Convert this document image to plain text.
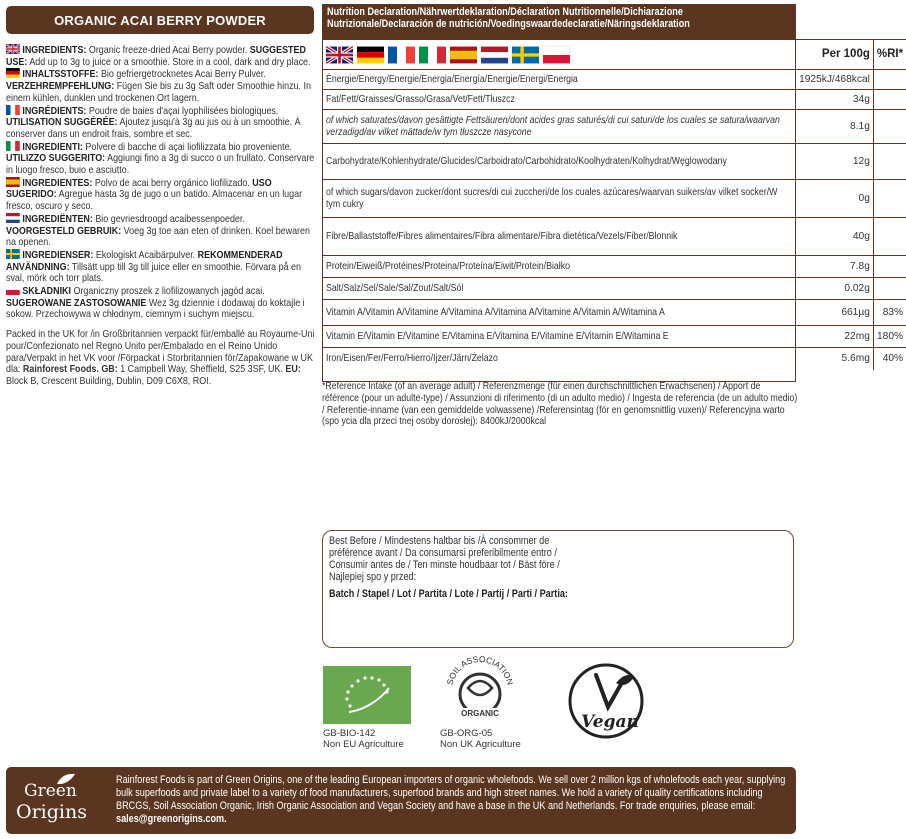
ORGANIC ACAI BERRY POWDER
INGREDIENTS: Organic freeze-dried Acai Berry powder. SUGGESTED USE: Add up to 3g to juice or a smoothie. Store in a cool, dark and dry place.
INHALTSSTOFFE: Bio gefriergetrocknetes Acai Berry Pulver. VERZEHREMPFEHLUNG: Fügen Sie bis zu 3g Saft oder Smoothie hinzu. In einem kühlen, dunklen und trockenen Ort lagern.
INGRÉDIENTS: Poudre de baies d'açai lyophilisées biologiques. UTILISATION SUGGÉRÉE: Ajoutez jusqu'à 3g au jus ou à un smoothie. À conserver dans un endroit frais, sombre et sec.
INGREDIENTI: Polvere di bacche di açai liofilizzata bio proveniente. UTILIZZO SUGGERITO: Aggiungi fino a 3g di succo o un frullato. Conservare in luogo fresco, buio e asciutto.
INGREDIENTES: Polvo de acai berry orgánico liofilizado. USO SUGERIDO: Agregue hasta 3g de jugo o un batido. Almacenar en un lugar fresco, oscuro y seco.
INGREDIËNTEN: Bio gevriesdroogd acaibessenpoeder. VOORGESTELD GEBRUIK: Voeg 3g toe aan eten of drinken. Koel bewaren na openen.
INGREDIENSER: Ekologiskt Acaibärpulver. REKOMMENDERAD ANVÄNDNING: Tillsätt upp till 3g till juice eller en smoothie. Förvara på en sval, mörk och torr plats.
SKŁADNIKI Organiczny proszek z liofilizowanych jagód acai. SUGEROWANE ZASTOSOWANIE Wez 3g dziennie i dodawaj do koktajle i sokow. Przechowywa w chłodnym, ciemnym i suchym miejscu.
Packed in the UK for /in Großbritannien verpackt für/emballé au Royaume-Uni pour/Confezionato nel Regno Unito per/Embalado en el Reino Unido para/Verpakt in het VK voor /Förpackat i Storbritannien för/Zapakowane w UK dla: Rainforest Foods. GB: 1 Campbell Way, Sheffield, S25 3SF, UK. EU: Block B, Crescent Building, Dublin, D09 C6X8, ROI.
Nutrition Declaration/Nährwertdeklaration/Déclaration Nutritionnelle/Dichiarazione
Nutrizionale/Declaración de nutrición/Voedingswaardedeclaratie/Näringsdeklaration
	Per 100g	%RI*

Énergie/Energy/Energie/Energia/Energía/Energie/Energi/Energia	1925kJ/468kcal	

Fat/Fett/Graisses/Grasso/Grasa/Vet/Fett/Tłuszcz	34g	

of which saturates/davon gesättigte Fettsäuren/dont acides gras saturés/di cui saturi/de los cuales se satura/waarvan verzadigd/av vilket mättade/w tym tłuszcze nasycone	8.1g	

Carbohydrate/Kohlenhydrate/Glucides/Carboidrato/Carbohidrato/Koolhydraten/Kolhydrat/Węglowodany	12g	

of which sugars/davon zucker/dont sucres/di cui zuccheri/de los cuales azúcares/waarvan suikers/av vilket socker/W tym cukry	0g	

Fibre/Ballaststoffe/Fibres alimentaires/Fibra alimentare/Fibra dietética/Vezels/Fiber/Błonnik	40g	

Protein/Eiweiß/Protéines/Proteina/Proteína/Eiwit/Protein/Białko	7.8g	

Salt/Salz/Sel/Sale/Sal/Zout/Salt/Sól	0.02g	

Vitamin A/Vitamin A/Vitamine A/Vitamina A/Vitamina A/Vitamine A/Vitamin A/Witamina A	661µg	83%

Vitamin E/Vitamin E/Vitamine E/Vitamina E/Vitamina E/Vitamine E/Vitamin E/Witamina E	22mg	180%

Iron/Eisen/Fer/Ferro/Hierro/Ijzer/Järn/Żelazo	5.6mg	40%
*Reference Intake (of an average adult) / Referenzmenge (für einen durchschnittlichen Erwachsenen) / Apport de référence (pour un adulte-type) / Assunzioni di riferimento (di un adulto medio) / Ingesta de referencia (de un adulto medio) / Referentie-inname (van een gemiddelde volwassene) /Referensintag (för en genomsnittlig vuxen)/ Referencyjna warto (spo ycia dla przeci tnej osoby dorosłej): 8400kJ/2000kcal
Best Before / Mindestens haltbar bis /À consommer de préférence avant / Da consumarsi preferibilmente entro / Consumir antes de / Ten minste houdbaar tot / Bäst före / Najlepiej spo y przed:
Batch / Stapel / Lot / Partita / Lote / Partij / Parti / Partia:
GB-BIO-142
Non EU Agriculture
SOIL ASSOCIATION
ORGANIC
GB-ORG-05
Non UK Agriculture
Vegan
Green
Origins
Rainforest Foods is part of Green Origins, one of the leading European importers of organic wholefoods. We sell over 2 million kgs of wholefoods each year, supplying bulk superfoods and private label to a variety of food manufacturers, superfood brands and high street names. We hold a variety of quality certifications including BRCGS, Soil Association Organic, Irish Organic Association and Vegan Society and have a base in the UK and Netherlands. For trade enquiries, please email: sales@greenorigins.com.
